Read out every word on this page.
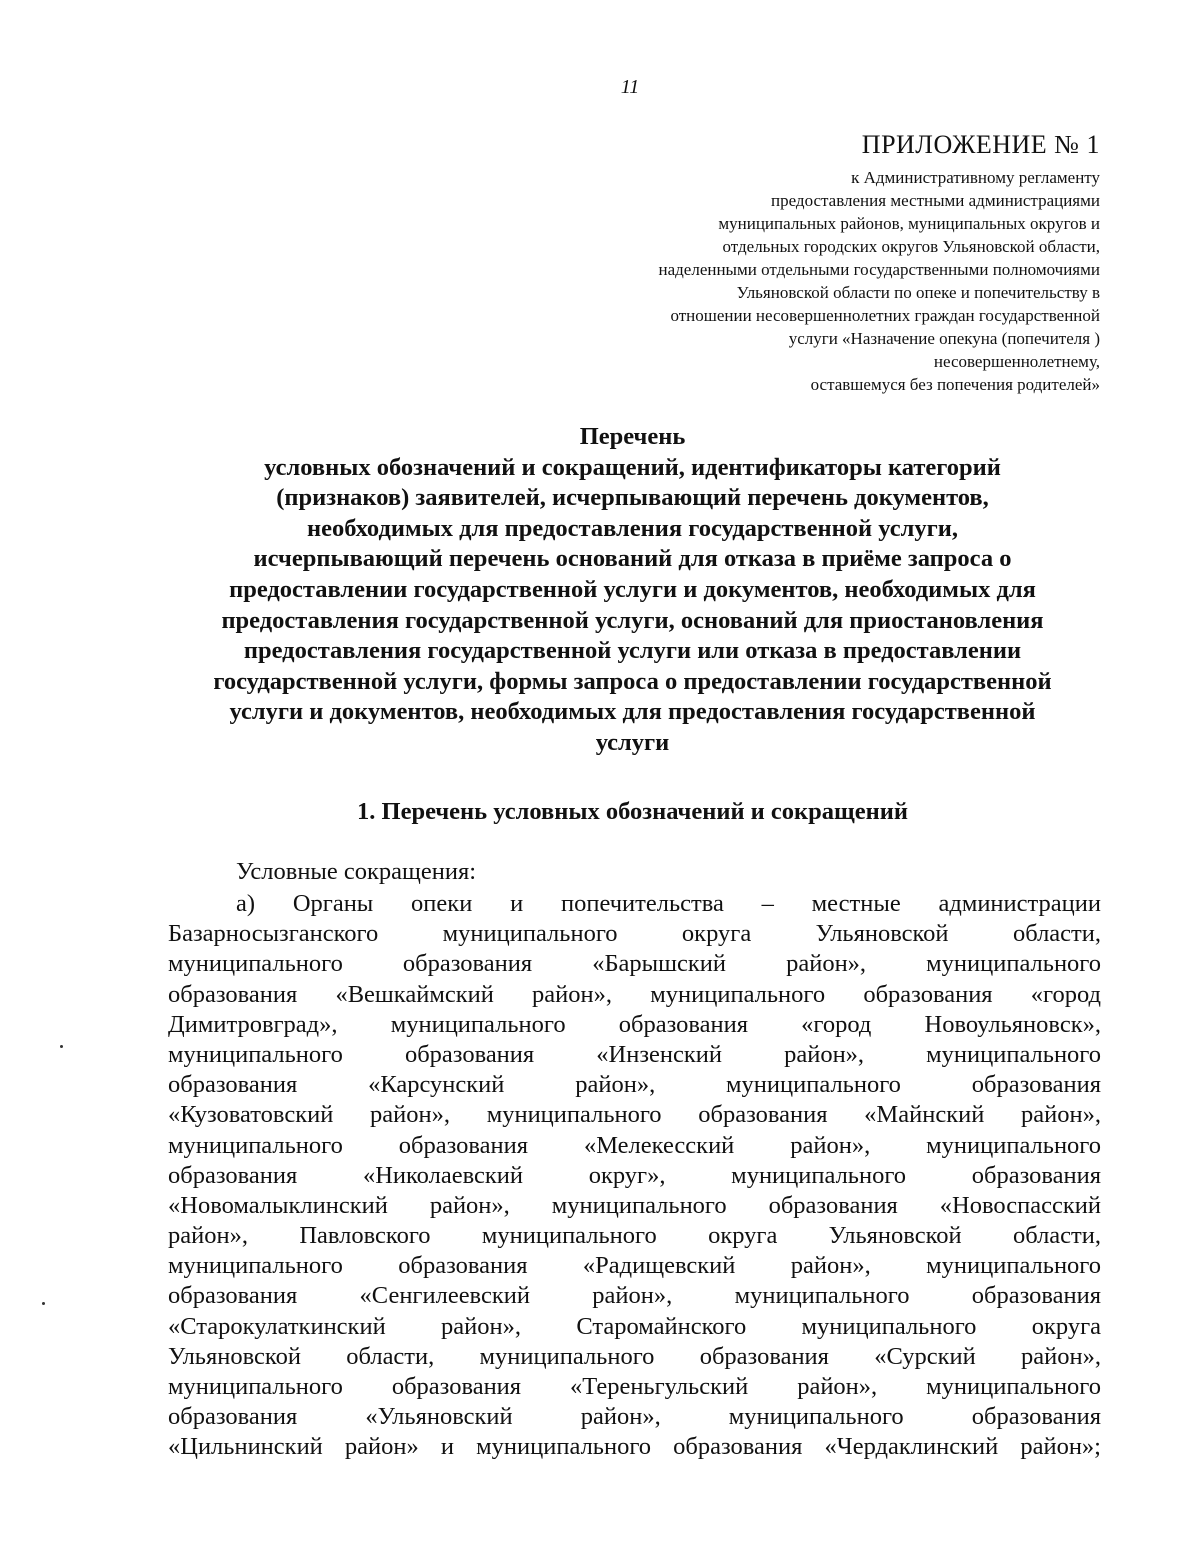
11
ПРИЛОЖЕНИЕ № 1
к Административному регламенту
предоставления местными администрациями
муниципальных районов, муниципальных округов и
отдельных городских округов Ульяновской области,
наделенными отдельными государственными полномочиями
Ульяновской области по опеке и попечительству в
отношении несовершеннолетних граждан государственной
услуги «Назначение опекуна (попечителя )
несовершеннолетнему,
оставшемуся без попечения родителей»
Перечень
условных обозначений и сокращений, идентификаторы категорий
(признаков) заявителей, исчерпывающий перечень документов,
необходимых для предоставления государственной услуги,
исчерпывающий перечень оснований для отказа в приёме запроса о
предоставлении государственной услуги и документов, необходимых для
предоставления государственной услуги, оснований для приостановления
предоставления государственной услуги или отказа в предоставлении
государственной услуги, формы запроса о предоставлении государственной
услуги и документов, необходимых для предоставления государственной
услуги
1. Перечень условных обозначений и сокращений
Условные сокращения:
а) Органы опеки и попечительства – местные администрации
Базарносызганского муниципального округа Ульяновской области,
муниципального образования «Барышский район», муниципального
образования «Вешкаймский район», муниципального образования «город
Димитровград», муниципального образования «город Новоульяновск»,
муниципального образования «Инзенский район», муниципального
образования «Карсунский район», муниципального образования
«Кузоватовский район», муниципального образования «Майнский район»,
муниципального образования «Мелекесский район», муниципального
образования «Николаевский округ», муниципального образования
«Новомалыклинский район», муниципального образования «Новоспасский
район», Павловского муниципального округа Ульяновской области,
муниципального образования «Радищевский район», муниципального
образования «Сенгилеевский район», муниципального образования
«Старокулаткинский район», Старомайнского муниципального округа
Ульяновской области, муниципального образования «Сурский район»,
муниципального образования «Тереньгульский район», муниципального
образования «Ульяновский район», муниципального образования
«Цильнинский район» и муниципального образования «Чердаклинский район»;
